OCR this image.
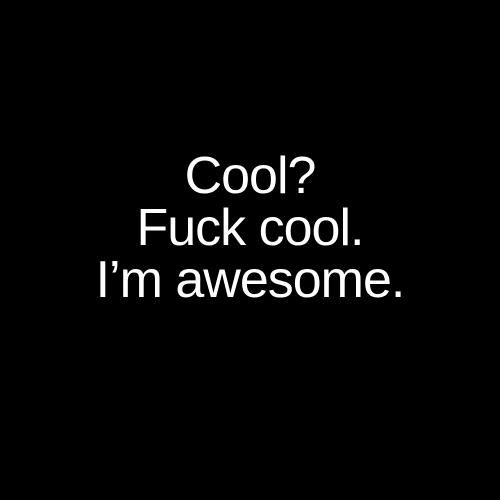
Cool?
Fuck cool.
I’m awesome.
